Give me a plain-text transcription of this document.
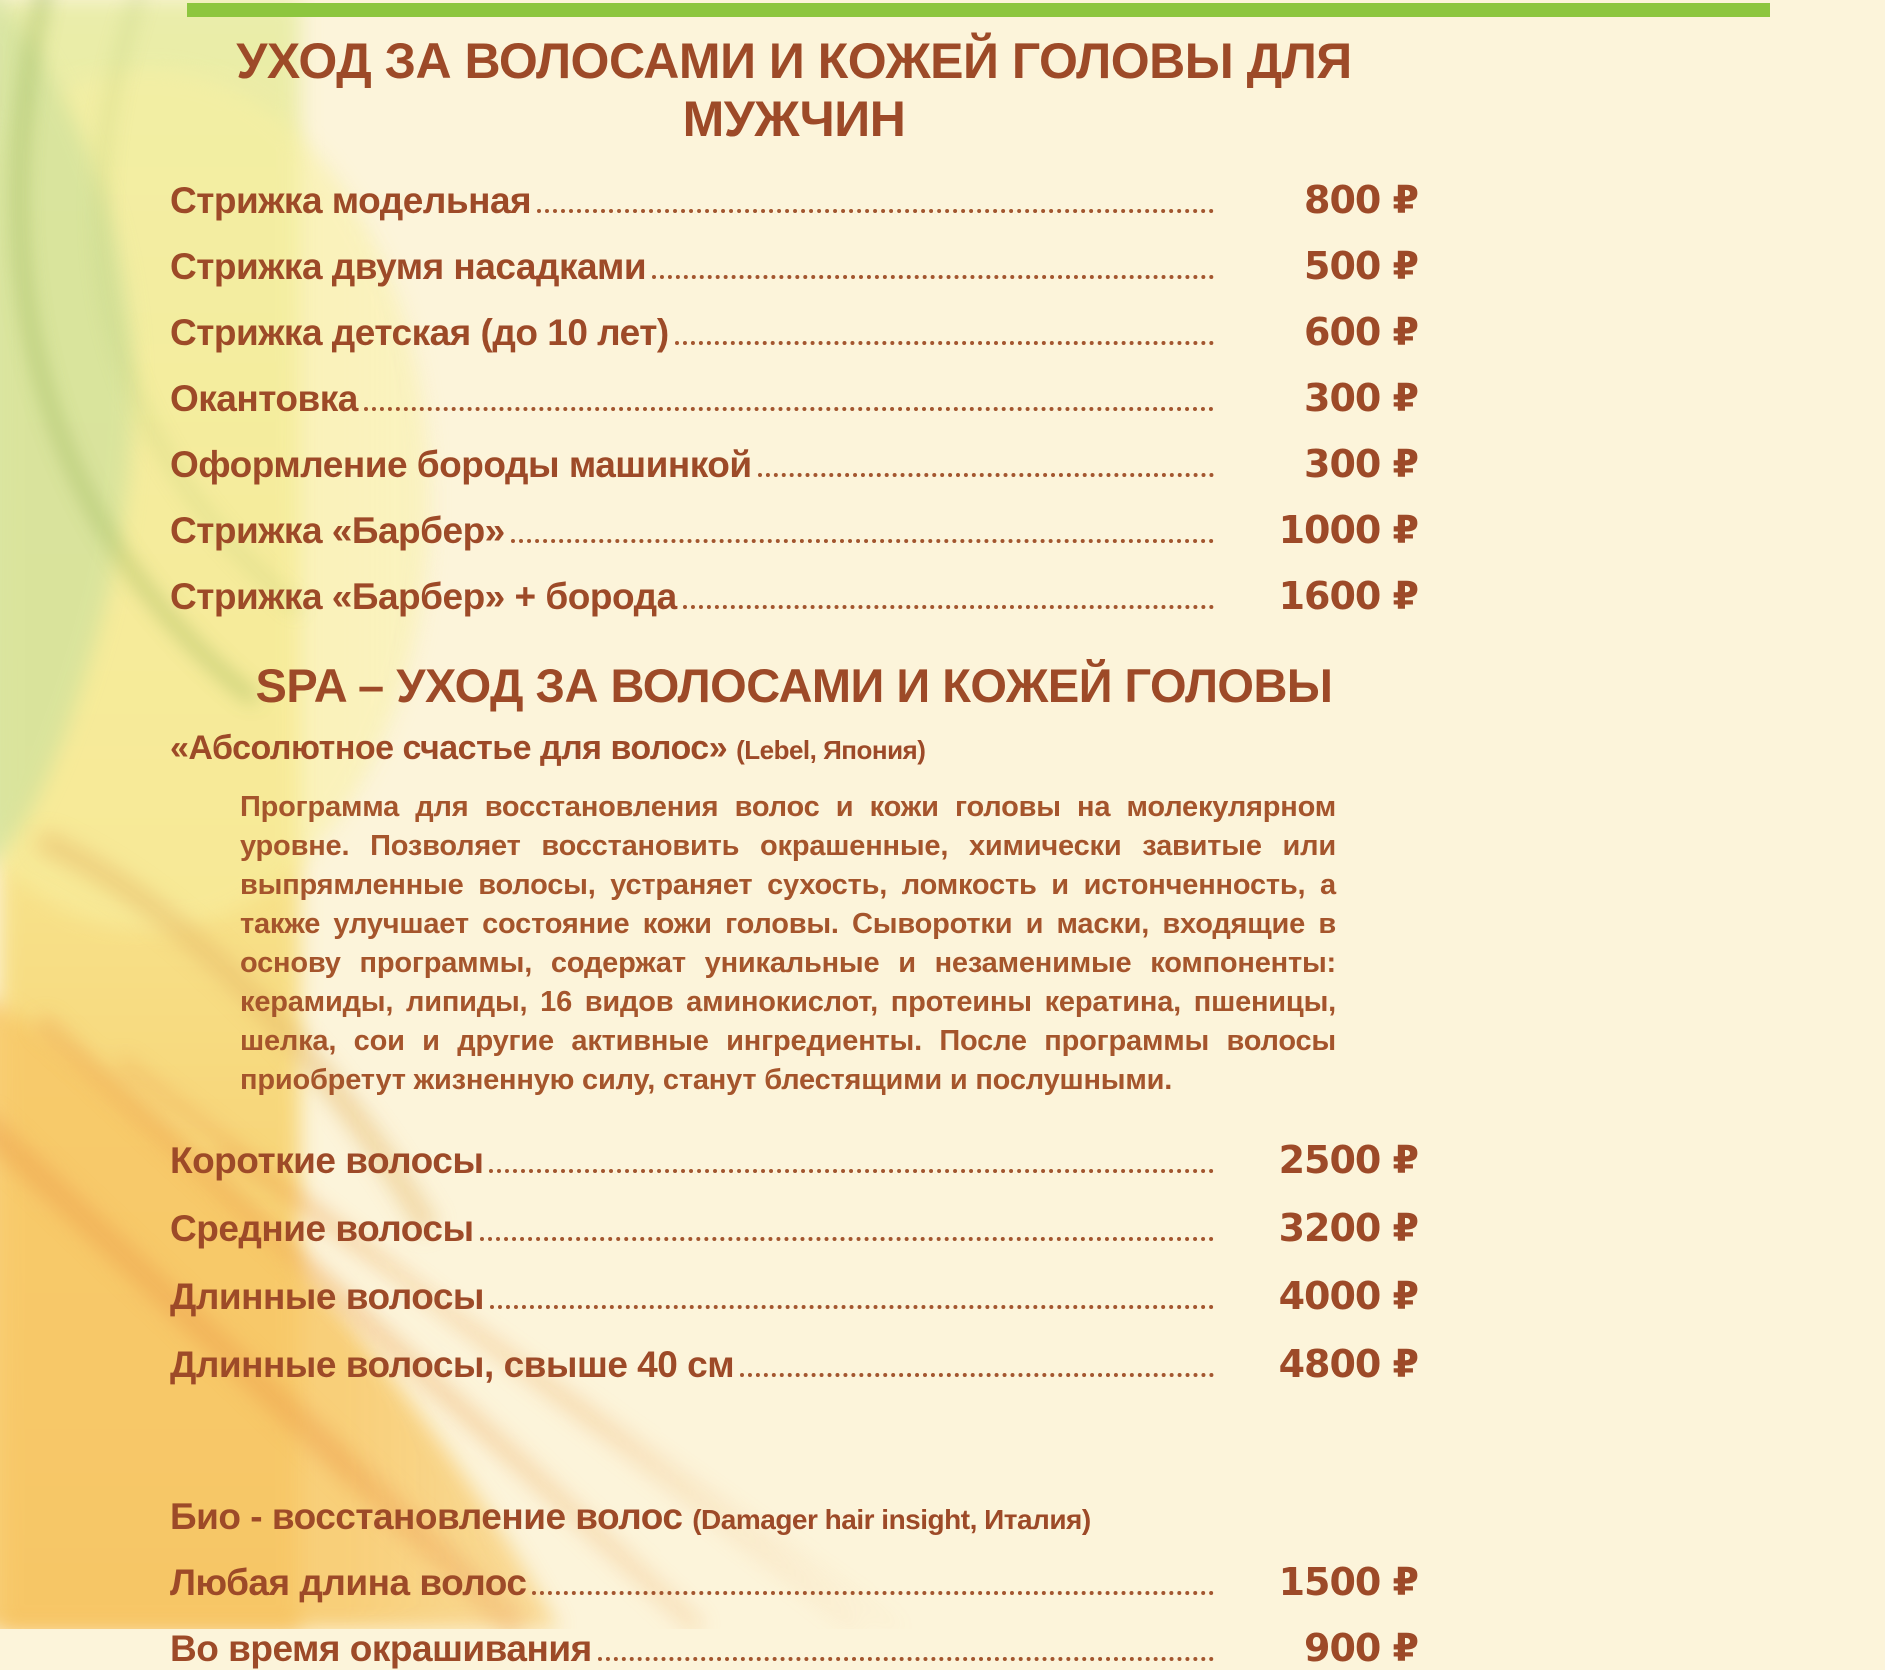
УХОД ЗА ВОЛОСАМИ И КОЖЕЙ ГОЛОВЫ ДЛЯ МУЖЧИН
Стрижка модельная	800 ₽
Стрижка двумя насадками	500 ₽
Стрижка детская (до 10 лет)	600 ₽
Окантовка	300 ₽
Оформление бороды машинкой	300 ₽
Стрижка «Барбер»	1000 ₽
Стрижка «Барбер» + борода	1600 ₽
SPA – УХОД ЗА ВОЛОСАМИ И КОЖЕЙ ГОЛОВЫ
«Абсолютное счастье для волос» (Lebel, Япония)
Программа для восстановления волос и кожи головы на молекулярном уровне. Позволяет восстановить окрашенные, химически завитые или выпрямленные волосы, устраняет сухость, ломкость и истонченность, а также улучшает состояние кожи головы. Сыворотки и маски, входящие в основу программы, содержат уникальные и незаменимые компоненты: керамиды, липиды, 16 видов аминокислот, протеины кератина, пшеницы, шелка, сои и другие активные ингредиенты. После программы волосы приобретут жизненную силу, станут блестящими и послушными.
Короткие волосы	2500 ₽
Средние волосы	3200 ₽
Длинные волосы	4000 ₽
Длинные волосы, свыше 40 см	4800 ₽
Био - восстановление волос (Damager hair insight, Италия)
Любая длина волос	1500 ₽
Во время окрашивания	900 ₽
